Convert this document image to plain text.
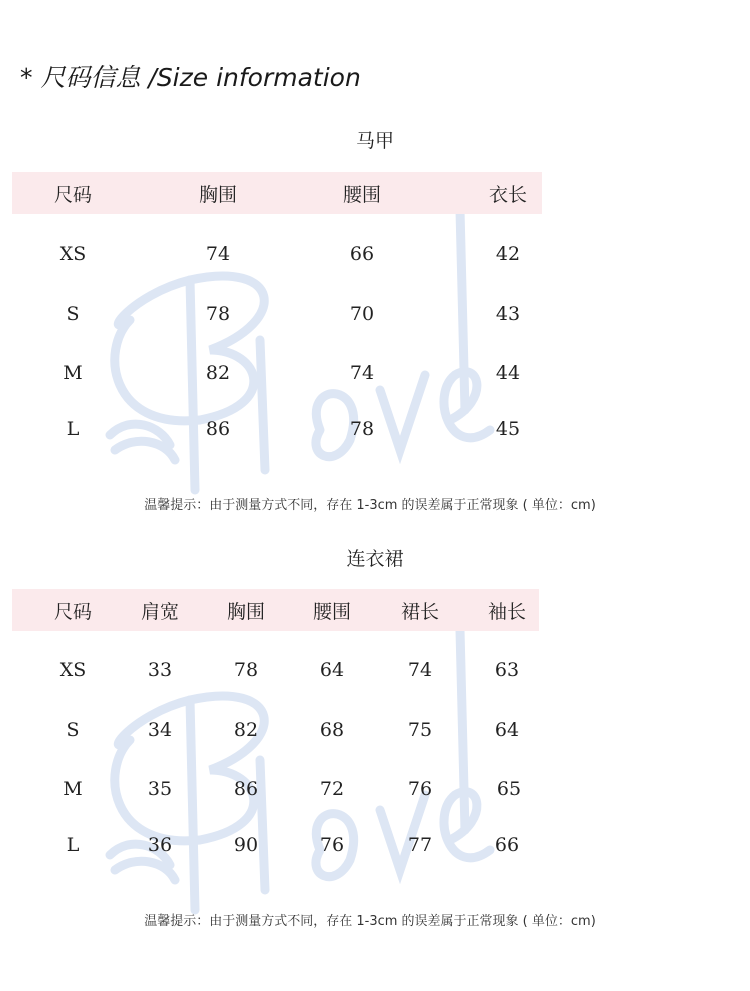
* 尺码信息 /Size information
马甲
尺码	胸围	腰围	衣长
XS	74	66	42
S	78	70	43
M	82	74	44
L	86	78	45
温馨提示：由于测量方式不同，存在 1-3cm 的误差属于正常现象 ( 单位：cm)
连衣裙
尺码	肩宽	胸围	腰围	裙长	袖长
XS	33	78	64	74	63
S	34	82	68	75	64
M	35	86	72	76	65
L	36	90	76	77	66
温馨提示：由于测量方式不同，存在 1-3cm 的误差属于正常现象 ( 单位：cm)
